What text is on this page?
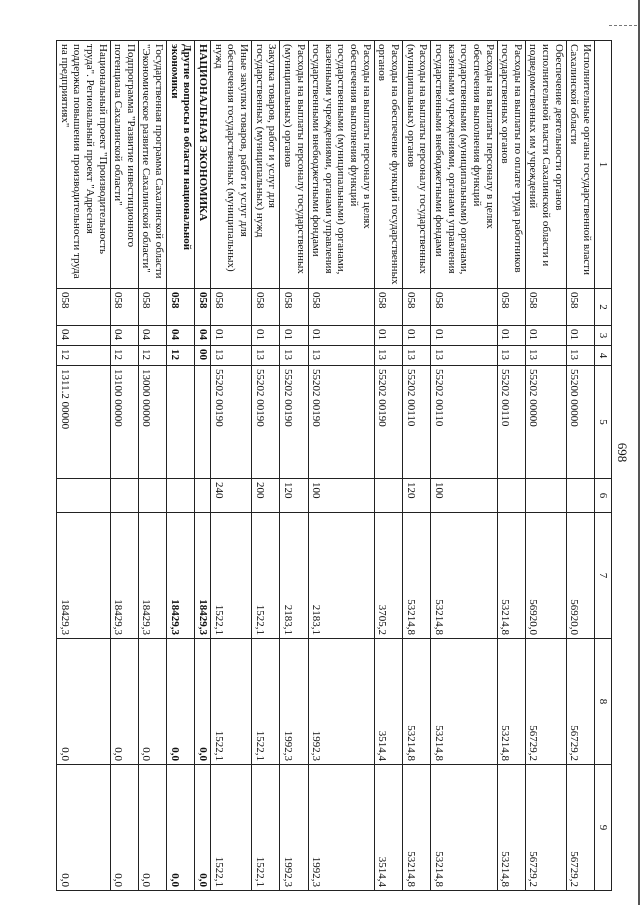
698
1	2	3	4	5	6	7	8	9
Исполнительные органы государственной власти Сахалинской области	058	01	13	55200 00000		56920,0	56729,2	56729,2
Обеспечение деятельности органов исполнительной власти Сахалинской области и подведомственных им учреждений	058	01	13	55202 00000		56920,0	56729,2	56729,2
Расходы на выплаты по оплате труда работников государственных органов	058	01	13	55202 00110		53214,8	53214,8	53214,8
Расходы на выплаты персоналу в целях обеспечения выполнения функций государственными (муниципальными) органами, казенными учреждениями, органами управления государственными внебюджетными фондами	058	01	13	55202 00110	100	53214,8	53214,8	53214,8
Расходы на выплаты персоналу государственных (муниципальных) органов	058	01	13	55202 00110	120	53214,8	53214,8	53214,8
Расходы на обеспечение функций государственных органов	058	01	13	55202 00190		3705,2	3514,4	3514,4
Расходы на выплаты персоналу в целях обеспечения выполнения функций государственными (муниципальными) органами, казенными учреждениями, органами управления государственными внебюджетными фондами	058	01	13	55202 00190	100	2183,1	1992,3	1992,3
Расходы на выплаты персоналу государственных (муниципальных) органов	058	01	13	55202 00190	120	2183,1	1992,3	1992,3
Закупка товаров, работ и услуг для государственных (муниципальных) нужд	058	01	13	55202 00190	200	1522,1	1522,1	1522,1
Иные закупки товаров, работ и услуг для обеспечения государственных (муниципальных) нужд	058	01	13	55202 00190	240	1522,1	1522,1	1522,1
НАЦИОНАЛЬНАЯ ЭКОНОМИКА	058	04	00			18429,3	0,0	0,0
Другие вопросы в области национальной экономики	058	04	12			18429,3	0,0	0,0
Государственная программа Сахалинской области "Экономическое развитие Сахалинской области"	058	04	12	13000 00000		18429,3	0,0	0,0
Подпрограмма "Развитие инвестиционного потенциала Сахалинской области"	058	04	12	13100 00000		18429,3	0,0	0,0
Национальный проект "Производительность труда". Региональный проект "Адресная поддержка повышения производительности труда на предприятиях"	058	04	12	1311.2 00000		18429,3	0,0	0,0
